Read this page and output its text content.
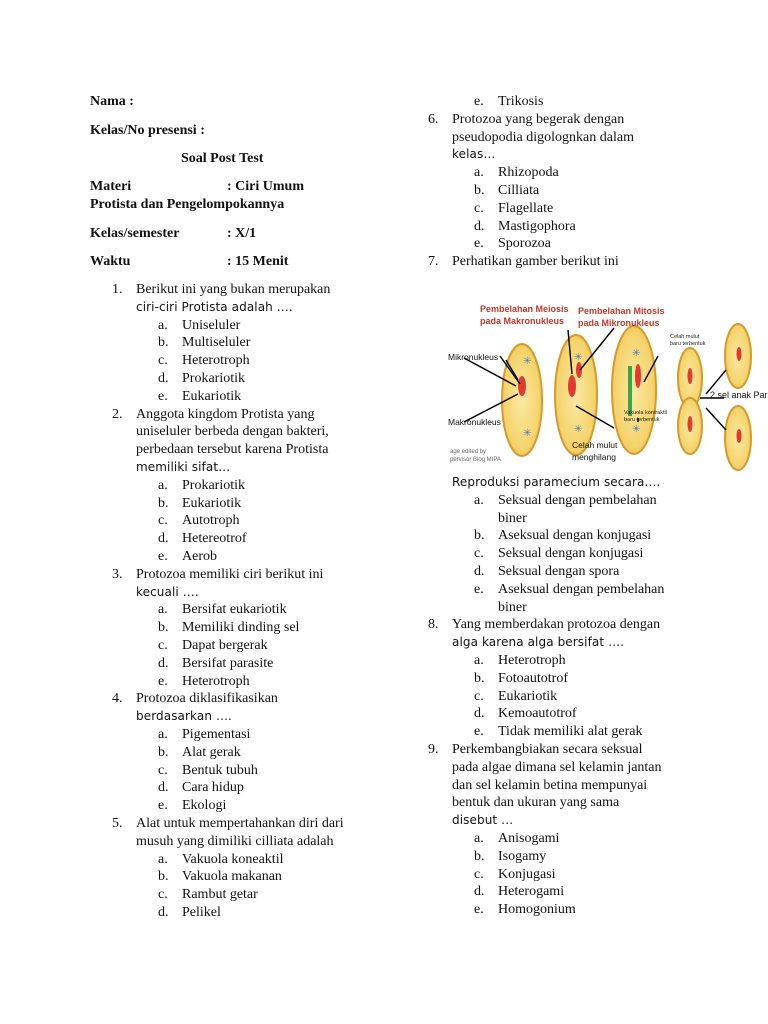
Nama :
Kelas/No presensi :
Soal Post Test
Materi	: Ciri Umum
Protista dan Pengelompokannya
Kelas/semester	: X/1
Waktu	: 15 Menit
1. Berikut ini yang bukan merupakan
ciri-ciri Protista adalah ….
a. Uniseluler
b. Multiseluler
c. Heterotroph
d. Prokariotik
e. Eukariotik
2. Anggota kingdom Protista yang
uniseluler berbeda dengan bakteri,
perbedaan tersebut karena Protista
memiliki sifat…
a. Prokariotik
b. Eukariotik
c. Autotroph
d. Hetereotrof
e. Aerob
3. Protozoa memiliki ciri berikut ini
kecuali ….
a. Bersifat eukariotik
b. Memiliki dinding sel
c. Dapat bergerak
d. Bersifat parasite
e. Heterotroph
4. Protozoa diklasifikasikan
berdasarkan ….
a. Pigementasi
b. Alat gerak
c. Bentuk tubuh
d. Cara hidup
e. Ekologi
5. Alat untuk mempertahankan diri dari
musuh yang dimiliki cilliata adalah
a. Vakuola koneaktil
b. Vakuola makanan
c. Rambut getar
d. Pelikel
e. Trikosis
6. Protozoa yang begerak dengan
pseudopodia digolognkan dalam
kelas…
a. Rhizopoda
b. Cilliata
c. Flagellate
d. Mastigophora
e. Sporozoa
7. Perhatikan gamber berikut ini
✳
✳
✳
✳
✳
✳
Pembelahan Meiosis
pada Makronukleus
Pembelahan Mitosis
pada Mikronukleus
Celah mulut
baru terbentuk
Mikronukleus
Makronukleus
Celah mulut
menghilang
Vakuola kontraktil
baru terbentuk
2 sel anak Par
age edited by
pervisor Blog MIPA
Reproduksi paramecium secara….
a. Seksual dengan pembelahan
biner
b. Aseksual dengan konjugasi
c. Seksual dengan konjugasi
d. Seksual dengan spora
e. Aseksual dengan pembelahan
biner
8. Yang memberdakan protozoa dengan
alga karena alga bersifat ….
a. Heterotroph
b. Fotoautotrof
c. Eukariotik
d. Kemoautotrof
e. Tidak memiliki alat gerak
9. Perkembangbiakan secara seksual
pada algae dimana sel kelamin jantan
dan sel kelamin betina mempunyai
bentuk dan ukuran yang sama
disebut …
a. Anisogami
b. Isogamy
c. Konjugasi
d. Heterogami
e. Homogonium
